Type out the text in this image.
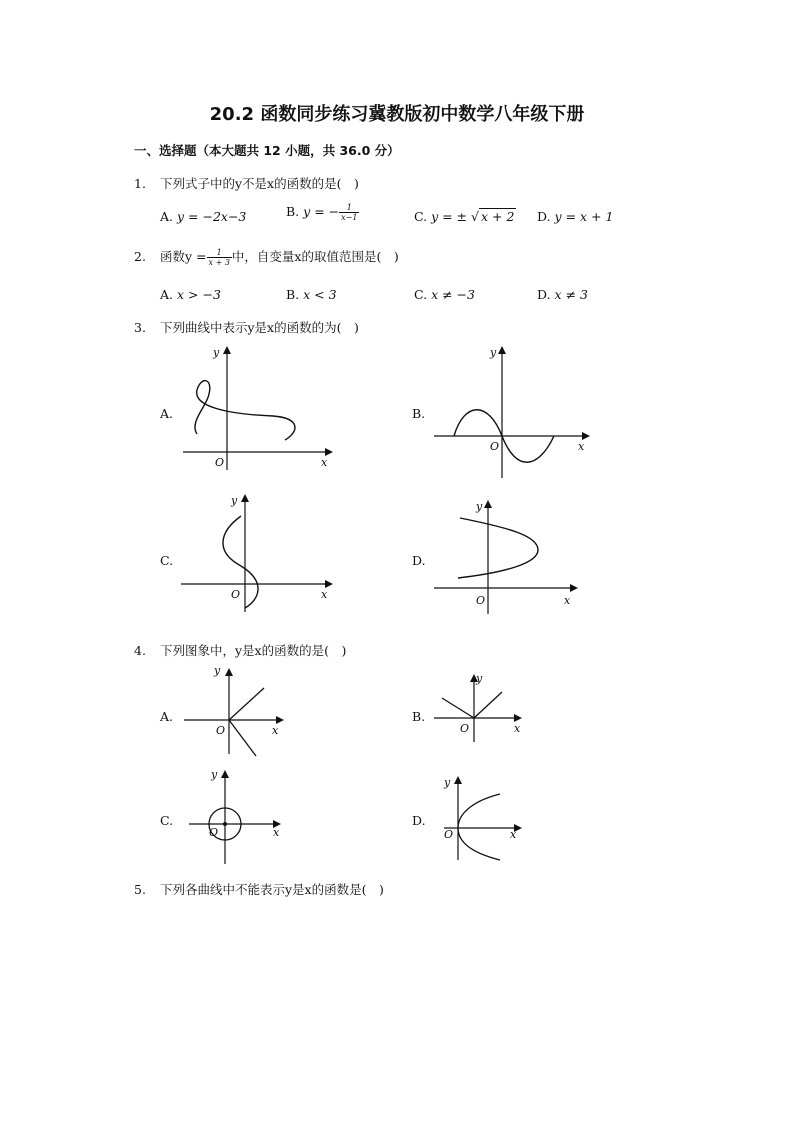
20.2 函数同步练习冀教版初中数学八年级下册
一、选择题（本大题共 12 小题，共 36.0 分）
1. 下列式子中的y不是x的函数的是( )
A. y = −2x−3	B. y = − $\frac{1}{x-1}$	C. y = ± √ x + 2 D. y = x + 1
2. 函数$y = \frac{1}{x + 3}$ 中，自变量x的取值范围是( )
A. x > −3	B. x < 3	C. x ≠ −3	D. x ≠ 3
3. 下列曲线中表示y是x的函数的为( )
A.
O	x
y
B.
O	x
y
C.
O	x
y
D.
O	x
y
4. 下列图象中，y是x的函数的是( )
A.
O	x
y
B.
O	x
y
C.
O	x
y
D.
O	x
y
5. 下列各曲线中不能表示y是x的函数是( )
